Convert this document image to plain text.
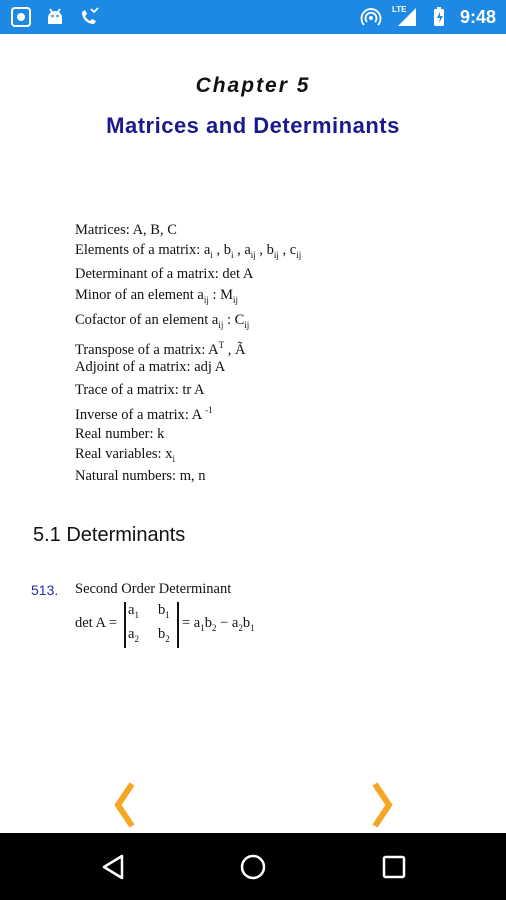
LTE	9:48
Chapter 5
Matrices and Determinants
Matrices: A, B, C
Elements of a matrix: $a_i$ , $b_i$ , $a_{ij}$ , $b_{ij}$ , $c_{ij}$
Determinant of a matrix: det A
Minor of an element $a_{ij}$ : $M_{ij}$
Cofactor of an element $a_{ij}$ : $C_{ij}$
Transpose of a matrix: $A^T$ , Ã
Adjoint of a matrix: adj A
Trace of a matrix: tr A
Inverse of a matrix: A $^{-1}$
Real number: k
Real variables: $x_i$
Natural numbers: m, n
5.1 Determinants
513. Second Order Determinant
det A =
$a_1$ $b_1$
$a_2$ $b_2$
= $a_1b_2 - a_2b_1$
